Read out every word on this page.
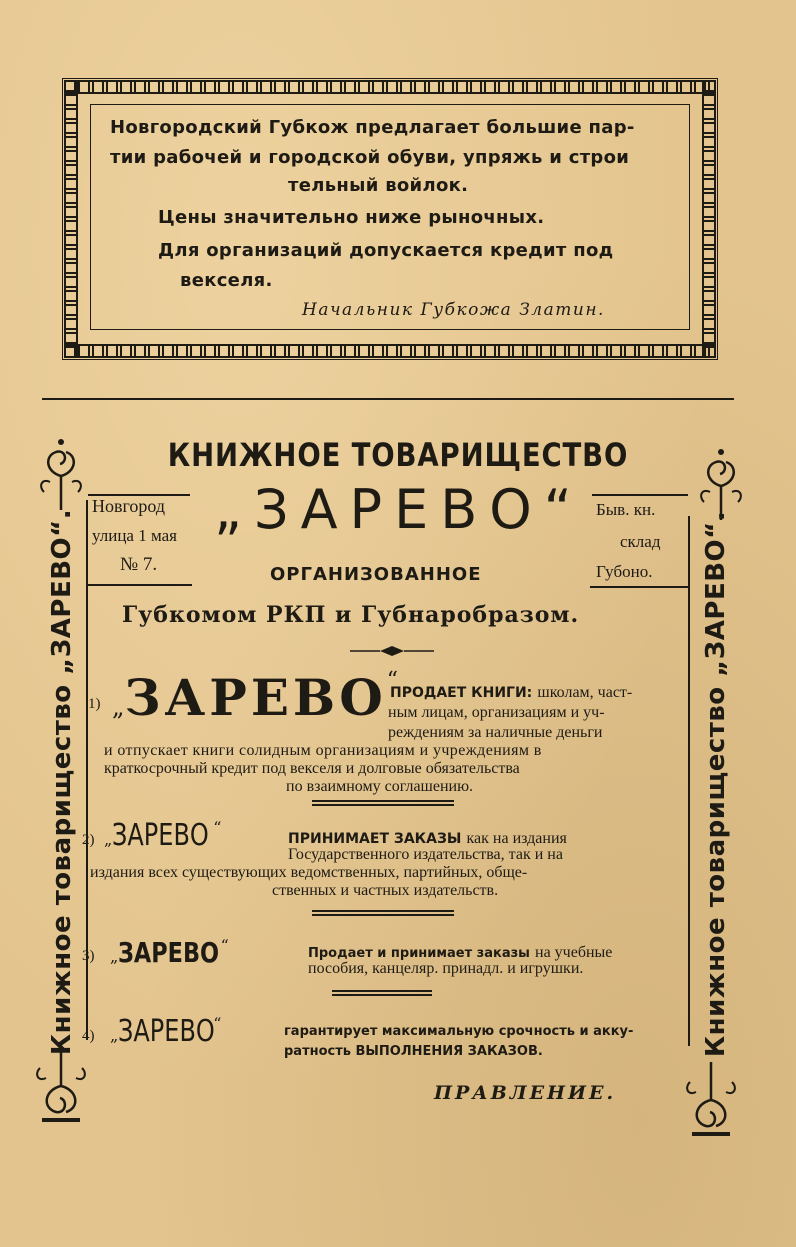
Новгородский Губкож предлагает большие пар-
тии рабочей и городской обуви, упряжь и строи
тельный войлок.
Цены значительно ниже рыночных.
Для организаций допускается кредит под
векселя.
Начальник Губкожа Златин.
КНИЖНОЕ ТОВАРИЩЕСТВО
Книжное товарищество „ЗАРЕВО“.	Книжное товарищество „ЗАРЕВО“.
Новгород
улица 1 мая
№ 7.
„ЗАРЕВО“ Быв. кн.
склад
Губоно.
ОРГАНИЗОВАННОЕ
Губкомом РКП и Губнаробразом.
1) „ЗАРЕВО“
ПРОДАЕТ КНИГИ: школам, част-
ным лицам, организациям и уч-
реждениям за наличные деньги
и отпускает книги солидным организациям и учреждениям в
краткосрочный кредит под векселя и долговые обязательства
по взаимному соглашению.
2) „ЗАРЕВО “
ПРИНИМАЕТ ЗАКАЗЫ как на издания
Государственного издательства, так и на
издания всех существующих ведомственных, партийных, обще-
ственных и частных издательств.
3) „ЗАРЕВО“	Продает и принимает заказы на учебные
пособия, канцеляр. принадл. и игрушки.
4) „ЗАРЕВО“	гарантирует максимальную срочность и акку-
ратность ВЫПОЛНЕНИЯ ЗАКАЗОВ.
ПРАВЛЕНИЕ.
